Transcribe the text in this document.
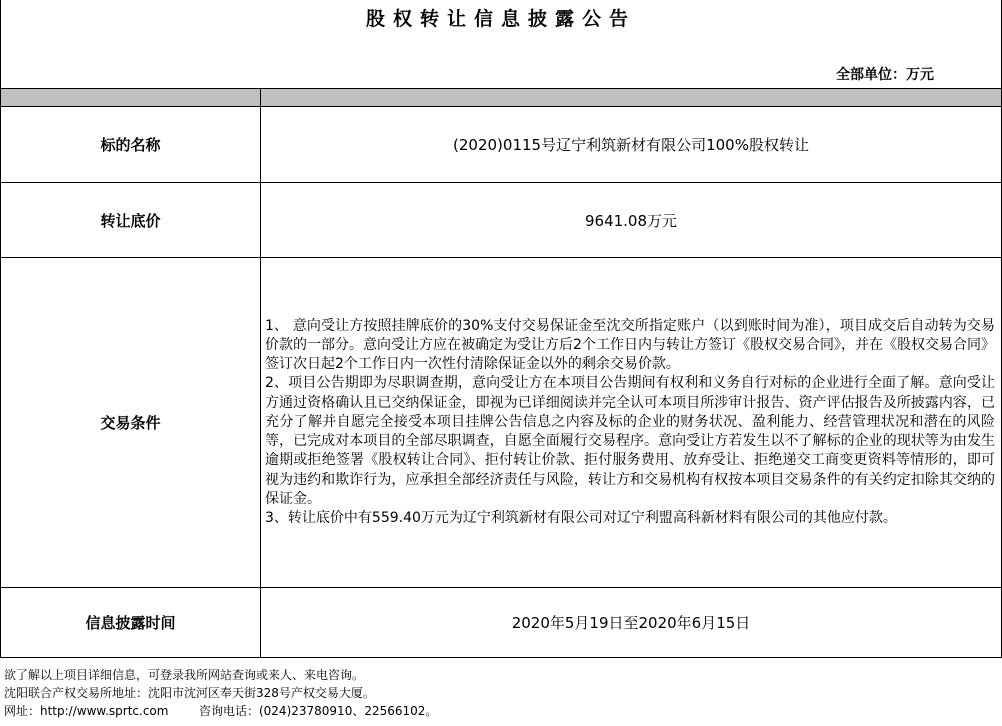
股权转让信息披露公告
全部单位：万元

标的名称	(2020)0115号辽宁利筑新材有限公司100%股权转让
转让底价	9641.08万元
交易条件	1、 意向受让方按照挂牌底价的30%支付交易保证金至沈交所指定账户（以到账时间为准），项目成交后自动转为交易价款的一部分。意向受让方应在被确定为受让方后2个工作日内与转让方签订《股权交易合同》，并在《股权交易合同》签订次日起2个工作日内一次性付清除保证金以外的剩余交易价款。

2、项目公告期即为尽职调查期，意向受让方在本项目公告期间有权利和义务自行对标的企业进行全面了解。意向受让方通过资格确认且已交纳保证金，即视为已详细阅读并完全认可本项目所涉审计报告、资产评估报告及所披露内容，已充分了解并自愿完全接受本项目挂牌公告信息之内容及标的企业的财务状况、盈利能力、经营管理状况和潜在的风险等，已完成对本项目的全部尽职调查，自愿全面履行交易程序。意向受让方若发生以不了解标的企业的现状等为由发生逾期或拒绝签署《股权转让合同》、拒付转让价款、拒付服务费用、放弃受让、拒绝递交工商变更资料等情形的，即可视为违约和欺诈行为，应承担全部经济责任与风险，转让方和交易机构有权按本项目交易条件的有关约定扣除其交纳的保证金。

3、转让底价中有559.40万元为辽宁利筑新材有限公司对辽宁利盟高科新材料有限公司的其他应付款。

信息披露时间	2020年5月19日至2020年6月15日
欲了解以上项目详细信息，可登录我所网站查询或来人、来电咨询。
沈阳联合产权交易所地址：沈阳市沈河区奉天街328号产权交易大厦。
网址：http://www.sprtc.com        咨询电话：(024)23780910、22566102。
